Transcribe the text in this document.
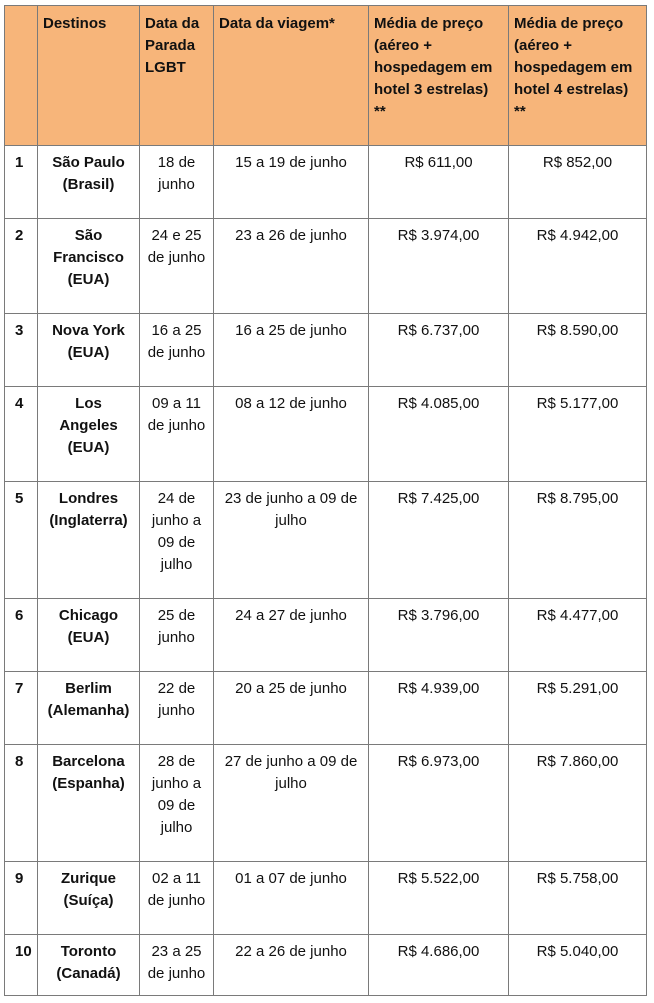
	Destinos	Data da
Parada
LGBT	Data da viagem*	Média de preço
(aéreo +
hospedagem em
hotel 3 estrelas)
**	Média de preço
(aéreo +
hospedagem em
hotel 4 estrelas)
**

1	São Paulo
(Brasil)	18 de
junho	15 a 19 de junho	R$ 611,00	R$ 852,00
2	São
Francisco
(EUA)	24 e 25
de junho	23 a 26 de junho	R$ 3.974,00	R$ 4.942,00
3	Nova York
(EUA)	16 a 25
de junho	16 a 25 de junho	R$ 6.737,00	R$ 8.590,00
4	Los
Angeles
(EUA)	09 a 11
de junho	08 a 12 de junho	R$ 4.085,00	R$ 5.177,00
5	Londres
(Inglaterra)	24 de
junho a
09 de
julho	23 de junho a 09 de
julho	R$ 7.425,00	R$ 8.795,00
6	Chicago
(EUA)	25 de
junho	24 a 27 de junho	R$ 3.796,00	R$ 4.477,00
7	Berlim
(Alemanha)	22 de
junho	20 a 25 de junho	R$ 4.939,00	R$ 5.291,00
8	Barcelona
(Espanha)	28 de
junho a
09 de
julho	27 de junho a 09 de
julho	R$ 6.973,00	R$ 7.860,00
9	Zurique
(Suíça)	02 a 11
de junho	01 a 07 de junho	R$ 5.522,00	R$ 5.758,00
10	Toronto
(Canadá)	23 a 25
de junho	22 a 26 de junho	R$ 4.686,00	R$ 5.040,00
